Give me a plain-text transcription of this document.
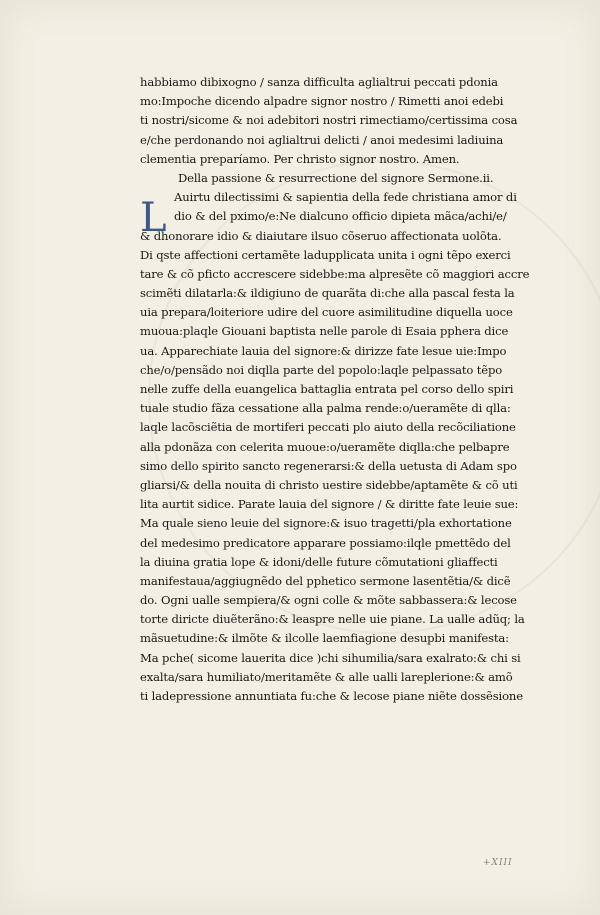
L
habbiamo dibixogno / sanza difficulta aglialtrui peccati pdonia
mo:Impoche dicendo alpadre signor nostro / Rimetti anoi edebi
ti nostri/sicome & noi adebitori nostri rimectiamo/certissima cosa
e/che perdonando noi aglialtrui delicti / anoi medesimi ladiuina
clementia preparíamo. Per christo signor nostro. Amen.
Della passione & resurrectione del signore Sermone.ii.
Auirtu dilectissimi & sapientia della fede christiana amor di
dio & del pximo/e:Ne dialcuno officio dipieta mãca/achi/e/
& dhonorare idio & diaiutare ilsuo cõseruo affectionata uolõta.
Di qste affectioni certamẽte ladupplicata unita i ogni tẽpo exerci
tare & cõ pficto accrescere sidebbe:ma alpresẽte cõ maggiori accre
scimẽti dilatarla:& ildigiuno de quarãta di:che alla pascal festa la
uia prepara/loiteriore udire del cuore asimilitudine diquella uoce
muoua:plaqle Giouani baptista nelle parole di Esaia pphera dice
ua. Apparechiate lauia del signore:& dirizze fate lesue uie:Impo
che/o/pensãdo noi diqlla parte del popolo:laqle pelpassato tẽpo
nelle zuffe della euangelica battaglia entrata pel corso dello spiri
tuale studio fãza cessatione alla palma rende:o/ueramẽte di qlla:
laqle lacõsciẽtia de mortiferi peccati plo aiuto della recõciliatione
alla pdonãza con celerita muoue:o/ueramẽte diqlla:che pelbapre
simo dello spirito sancto regenerarsi:& della uetusta di Adam spo
gliarsi/& della nouita di christo uestire sidebbe/aptamẽte & cõ uti
lita aurtit sidice. Parate lauia del signore / & diritte fate leuie sue:
Ma quale sieno leuie del signore:& isuo tragetti/pla exhortatione
del medesimo predicatore apparare possiamo:ilqle pmettẽdo del
la diuina gratia lope & idoni/delle future cõmutationi gliaffecti
manifestaua/aggiugnẽdo del pphetico sermone lasentẽtia/& dicẽ
do. Ogni ualle sempiera/& ogni colle & mõte sabbassera:& lecose
torte diricte diuẽterãno:& leaspre nelle uie piane. La ualle adũq; la
mãsuetudine:& ilmõte & ilcolle laemfiagione desupbi manifesta:
Ma pche( sicome lauerita dice )chi sihumilia/sara exalrato:& chi si
exalta/sara humiliato/meritamẽte & alle ualli lareplerione:& amõ
ti ladepressione annuntiata fu:che & lecose piane niẽte dossẽsione
+XIII
